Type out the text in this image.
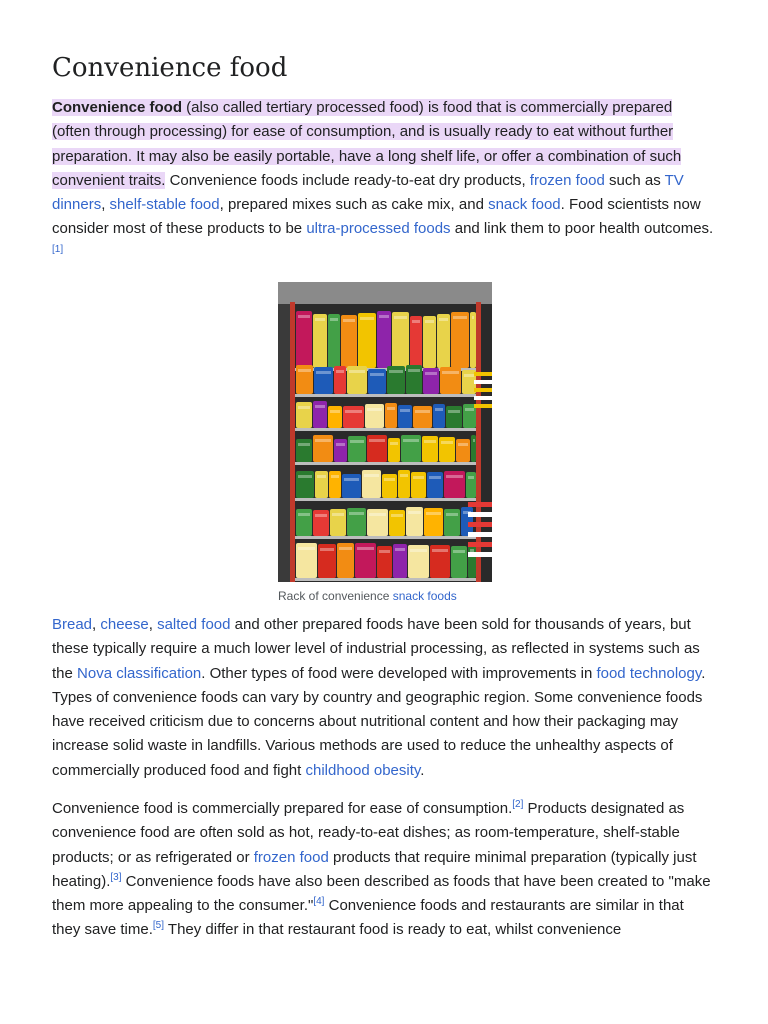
Convenience food

Convenience food (also called tertiary processed food) is food that is commercially prepared (often through processing) for ease of consumption, and is usually ready to eat without further preparation. It may also be easily portable, have a long shelf life, or offer a combination of such convenient traits. Convenience foods include ready-to-eat dry products, frozen food such as TV dinners, shelf-stable food, prepared mixes such as cake mix, and snack food. Food scientists now consider most of these products to be ultra-processed foods and link them to poor health outcomes.[1]

Rack of convenience snack foods

Bread, cheese, salted food and other prepared foods have been sold for thousands of years, but these typically require a much lower level of industrial processing, as reflected in systems such as the Nova classification. Other types of food were developed with improvements in food technology. Types of convenience foods can vary by country and geographic region. Some convenience foods have received criticism due to concerns about nutritional content and how their packaging may increase solid waste in landfills. Various methods are used to reduce the unhealthy aspects of commercially produced food and fight childhood obesity.

Convenience food is commercially prepared for ease of consumption.[2] Products designated as convenience food are often sold as hot, ready-to-eat dishes; as room-temperature, shelf-stable products; or as refrigerated or frozen food products that require minimal preparation (typically just heating).[3] Convenience foods have also been described as foods that have been created to "make them more appealing to the consumer."[4] Convenience foods and restaurants are similar in that they save time.[5] They differ in that restaurant food is ready to eat, whilst convenience
